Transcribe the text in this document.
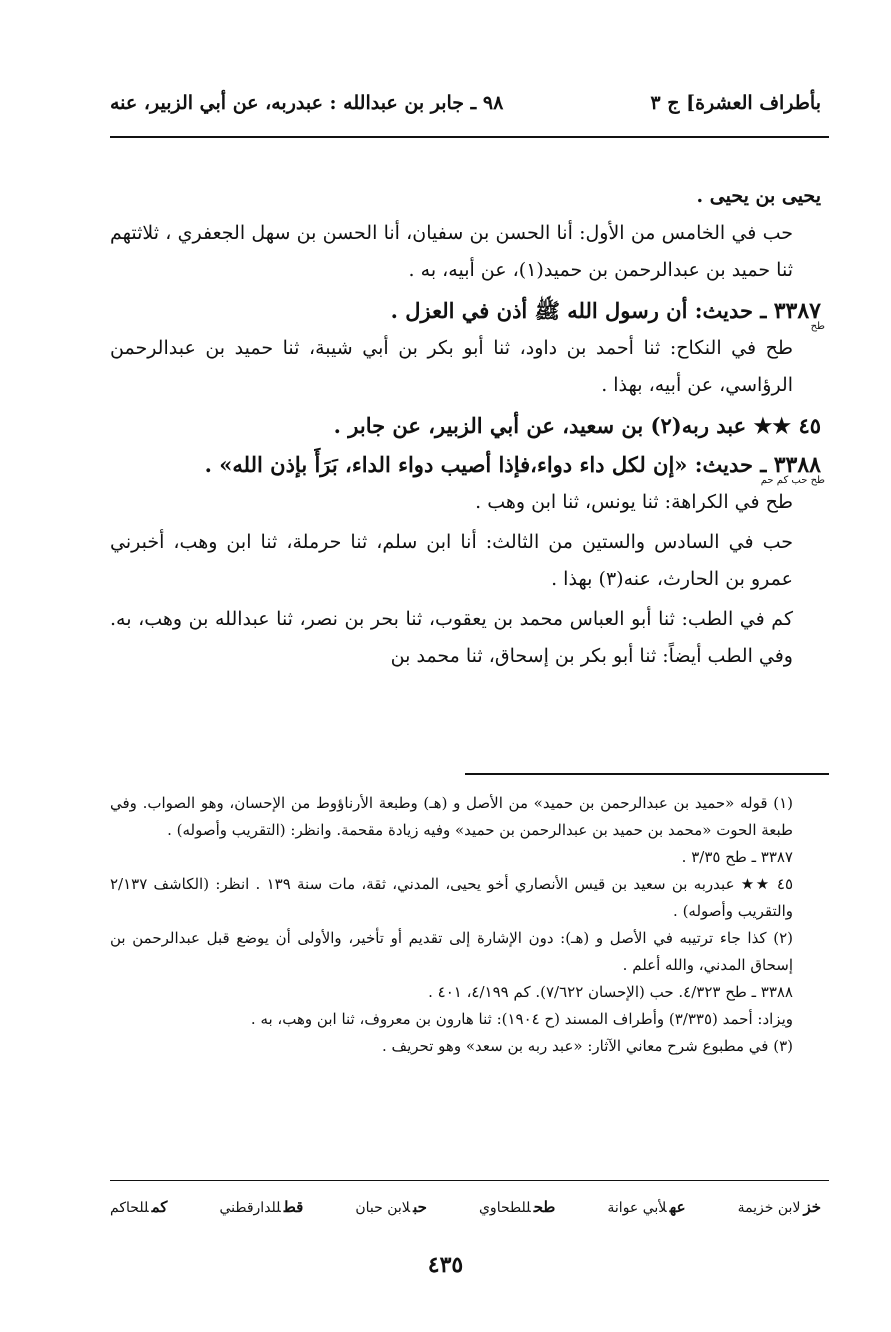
بأطراف العشرة] ج ٣
٩٨ ـ جابر بن عبدالله : عبدربه، عن أبي الزبير، عنه

يحيى بن يحيى .

حب في الخامس من الأول: أنا الحسن بن سفيان، أنا الحسن بن سهل الجعفري ، ثلاثتهم ثنا حميد بن عبدالرحمن بن حميد(١)، عن أبيه، به .

٣٣٨٧ ـ حديث: أن رسول الله ﷺ أذن في العزل .
طح

طح في النكاح: ثنا أحمد بن داود، ثنا أبو بكر بن أبي شيبة، ثنا حميد بن عبدالرحمن الرؤاسي، عن أبيه، بهذا .

٤٥ ★★ عبد ربه(٢) بن سعيد، عن أبي الزبير، عن جابر .

٣٣٨٨ ـ حديث: «إن لكل داء دواء،فإذا أصيب دواء الداء، بَرَأَ بإذن الله» .
طح حب كم حم

طح في الكراهة: ثنا يونس، ثنا ابن وهب .

حب في السادس والستين من الثالث: أنا ابن سلم، ثنا حرملة، ثنا ابن وهب، أخبرني عمرو بن الحارث، عنه(٣) بهذا .

كم في الطب: ثنا أبو العباس محمد بن يعقوب، ثنا بحر بن نصر، ثنا عبدالله بن وهب، به. وفي الطب أيضاً: ثنا أبو بكر بن إسحاق، ثنا محمد بن

(١) قوله «حميد بن عبدالرحمن بن حميد» من الأصل و (هـ) وطبعة الأرناؤوط من الإحسان، وهو الصواب. وفي طبعة الحوت «محمد بن حميد بن عبدالرحمن بن حميد» وفيه زيادة مقحمة. وانظر: (التقريب وأصوله) .

٣٣٨٧ ـ طح ٣/٣٥ .

٤٥ ★★ عبدربه بن سعيد بن قيس الأنصاري أخو يحيى، المدني، ثقة، مات سنة ١٣٩ . انظر: (الكاشف ٢/١٣٧ والتقريب وأصوله) .

(٢) كذا جاء ترتيبه في الأصل و (هـ): دون الإشارة إلى تقديم أو تأخير، والأولى أن يوضع قبل عبدالرحمن بن إسحاق المدني، والله أعلم .

٣٣٨٨ ـ طح ٤/٣٢٣. حب (الإحسان ٧/٦٢٢). كم ٤/١٩٩، ٤٠١ .

ويزاد: أحمد (٣/٣٣٥) وأطراف المسند (ح ١٩٠٤): ثنا هارون بن معروف، ثنا ابن وهب، به .

(٣) في مطبوع شرح معاني الآثار: «عبد ربه بن سعد» وهو تحريف .

خزلابن خزيمة
عهلأبي عوانة
طحللطحاوي
حبلابن حبان
قطللدارقطني
كمللحاكم
٤٣٥
